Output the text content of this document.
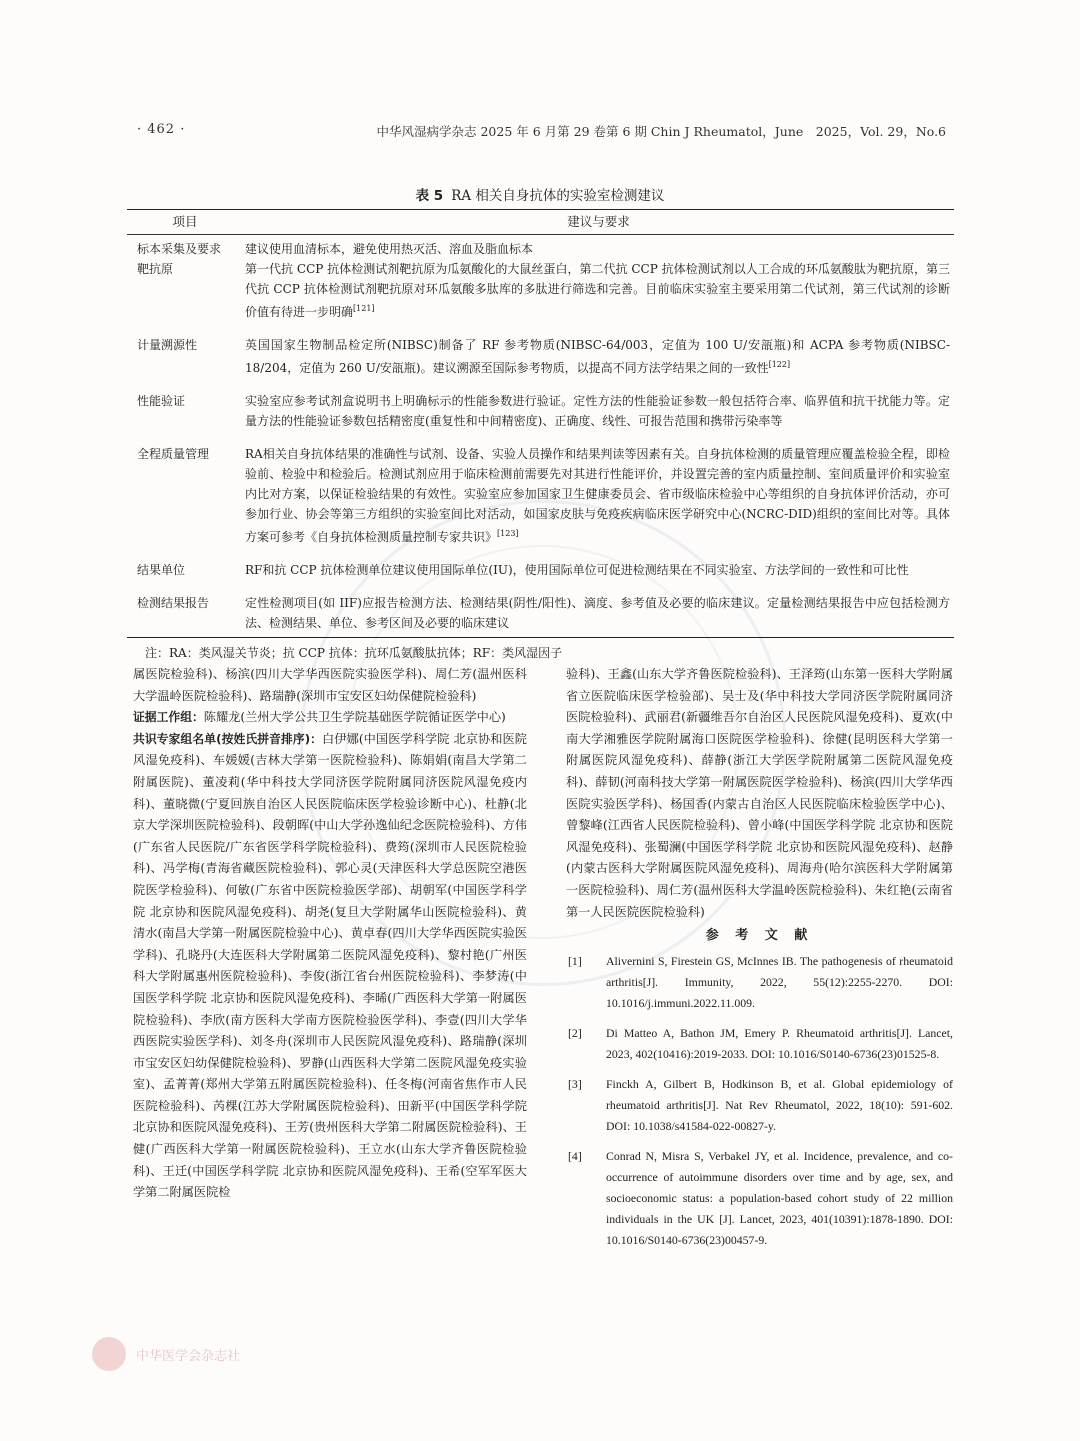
· 462 ·	中华风湿病学杂志 2025 年 6 月第 29 卷第 6 期 Chin J Rheumatol，June　2025，Vol. 29，No.6
表 5 RA 相关自身抗体的实验室检测建议
项目	建议与要求
标本采集及要求	建议使用血清标本，避免使用热灭活、溶血及脂血标本
靶抗原	第一代抗 CCP 抗体检测试剂靶抗原为瓜氨酸化的大鼠丝蛋白，第二代抗 CCP 抗体检测试剂以人工合成的环瓜氨酸肽为靶抗原，第三代抗 CCP 抗体检测试剂靶抗原对环瓜氨酸多肽库的多肽进行筛选和完善。目前临床实验室主要采用第二代试剂，第三代试剂的诊断价值有待进一步明确[121]
计量溯源性	英国国家生物制品检定所(NIBSC)制备了 RF 参考物质(NIBSC-64/003，定值为 100 U/安瓿瓶)和 ACPA 参考物质(NIBSC-18/204，定值为 260 U/安瓿瓶)。建议溯源至国际参考物质，以提高不同方法学结果之间的一致性[122]
性能验证	实验室应参考试剂盒说明书上明确标示的性能参数进行验证。定性方法的性能验证参数一般包括符合率、临界值和抗干扰能力等。定量方法的性能验证参数包括精密度(重复性和中间精密度)、正确度、线性、可报告范围和携带污染率等
全程质量管理	RA相关自身抗体结果的准确性与试剂、设备、实验人员操作和结果判读等因素有关。自身抗体检测的质量管理应覆盖检验全程，即检验前、检验中和检验后。检测试剂应用于临床检测前需要先对其进行性能评价，并设置完善的室内质量控制、室间质量评价和实验室内比对方案，以保证检验结果的有效性。实验室应参加国家卫生健康委员会、省市级临床检验中心等组织的自身抗体评价活动，亦可参加行业、协会等第三方组织的实验室间比对活动，如国家皮肤与免疫疾病临床医学研究中心(NCRC-DID)组织的室间比对等。具体方案可参考《自身抗体检测质量控制专家共识》[123]
结果单位	RF和抗 CCP 抗体检测单位建议使用国际单位(IU)，使用国际单位可促进检测结果在不同实验室、方法学间的一致性和可比性
检测结果报告	定性检测项目(如 IIF)应报告检测方法、检测结果(阴性/阳性)、滴度、参考值及必要的临床建议。定量检测结果报告中应包括检测方法、检测结果、单位、参考区间及必要的临床建议
注：RA：类风湿关节炎；抗 CCP 抗体：抗环瓜氨酸肽抗体；RF：类风湿因子

属医院检验科)、杨滨(四川大学华西医院实验医学科)、周仁芳(温州医科大学温岭医院检验科)、路瑞静(深圳市宝安区妇幼保健院检验科)

证据工作组：陈耀龙(兰州大学公共卫生学院基础医学院循证医学中心)

共识专家组名单(按姓氏拼音排序)：白伊娜(中国医学科学院 北京协和医院风湿免疫科)、车媛媛(吉林大学第一医院检验科)、陈娟娟(南昌大学第二附属医院)、董凌莉(华中科技大学同济医学院附属同济医院风湿免疫内科)、董晓微(宁夏回族自治区人民医院临床医学检验诊断中心)、杜静(北京大学深圳医院检验科)、段朝晖(中山大学孙逸仙纪念医院检验科)、方伟(广东省人民医院/广东省医学科学院检验科)、费筠(深圳市人民医院检验科)、冯学梅(青海省藏医院检验科)、郭心灵(天津医科大学总医院空港医院医学检验科)、何敏(广东省中医院检验医学部)、胡朝军(中国医学科学院 北京协和医院风湿免疫科)、胡尧(复旦大学附属华山医院检验科)、黄清水(南昌大学第一附属医院检验中心)、黄卓春(四川大学华西医院实验医学科)、孔晓丹(大连医科大学附属第二医院风湿免疫科)、黎村艳(广州医科大学附属惠州医院检验科)、李俊(浙江省台州医院检验科)、李梦涛(中国医学科学院 北京协和医院风湿免疫科)、李晞(广西医科大学第一附属医院检验科)、李欣(南方医科大学南方医院检验医学科)、李壹(四川大学华西医院实验医学科)、刘冬舟(深圳市人民医院风湿免疫科)、路瑞静(深圳市宝安区妇幼保健院检验科)、罗静(山西医科大学第二医院风湿免疫实验室)、孟菁菁(郑州大学第五附属医院检验科)、任冬梅(河南省焦作市人民医院检验科)、芮棵(江苏大学附属医院检验科)、田新平(中国医学科学院 北京协和医院风湿免疫科)、王芳(贵州医科大学第二附属医院检验科)、王健(广西医科大学第一附属医院检验科)、王立水(山东大学齐鲁医院检验科)、王迁(中国医学科学院 北京协和医院风湿免疫科)、王希(空军军医大学第二附属医院检

验科)、王鑫(山东大学齐鲁医院检验科)、王泽筠(山东第一医科大学附属省立医院临床医学检验部)、吴士及(华中科技大学同济医学院附属同济医院检验科)、武丽君(新疆维吾尔自治区人民医院风湿免疫科)、夏欢(中南大学湘雅医学院附属海口医院医学检验科)、徐健(昆明医科大学第一附属医院风湿免疫科)、薛静(浙江大学医学院附属第二医院风湿免疫科)、薛韧(河南科技大学第一附属医院医学检验科)、杨滨(四川大学华西医院实验医学科)、杨国香(内蒙古自治区人民医院临床检验医学中心)、曾黎峰(江西省人民医院检验科)、曾小峰(中国医学科学院 北京协和医院风湿免疫科)、张蜀澜(中国医学科学院 北京协和医院风湿免疫科)、赵静(内蒙古医科大学附属医院风湿免疫科)、周海舟(哈尔滨医科大学附属第一医院检验科)、周仁芳(温州医科大学温岭医院检验科)、朱红艳(云南省第一人民医院医院检验科)

参 考 文 献
[1]	Alivernini S, Firestein GS, McInnes IB. The pathogenesis of rheumatoid arthritis[J]. Immunity, 2022, 55(12):2255-2270. DOI: 10.1016/j.immuni.2022.11.009.
[2]	Di Matteo A, Bathon JM, Emery P. Rheumatoid arthritis[J]. Lancet, 2023, 402(10416):2019-2033. DOI: 10.1016/S0140-6736(23)01525-8.
[3]	Finckh A, Gilbert B, Hodkinson B, et al. Global epidemiology of rheumatoid arthritis[J]. Nat Rev Rheumatol, 2022, 18(10): 591-602. DOI: 10.1038/s41584-022-00827-y.
[4]	Conrad N, Misra S, Verbakel JY, et al. Incidence, prevalence, and co-occurrence of autoimmune disorders over time and by age, sex, and socioeconomic status: a population-based cohort study of 22 million individuals in the UK [J]. Lancet, 2023, 401(10391):1878-1890. DOI: 10.1016/S0140-6736(23)00457-9.
中华医学会杂志社
